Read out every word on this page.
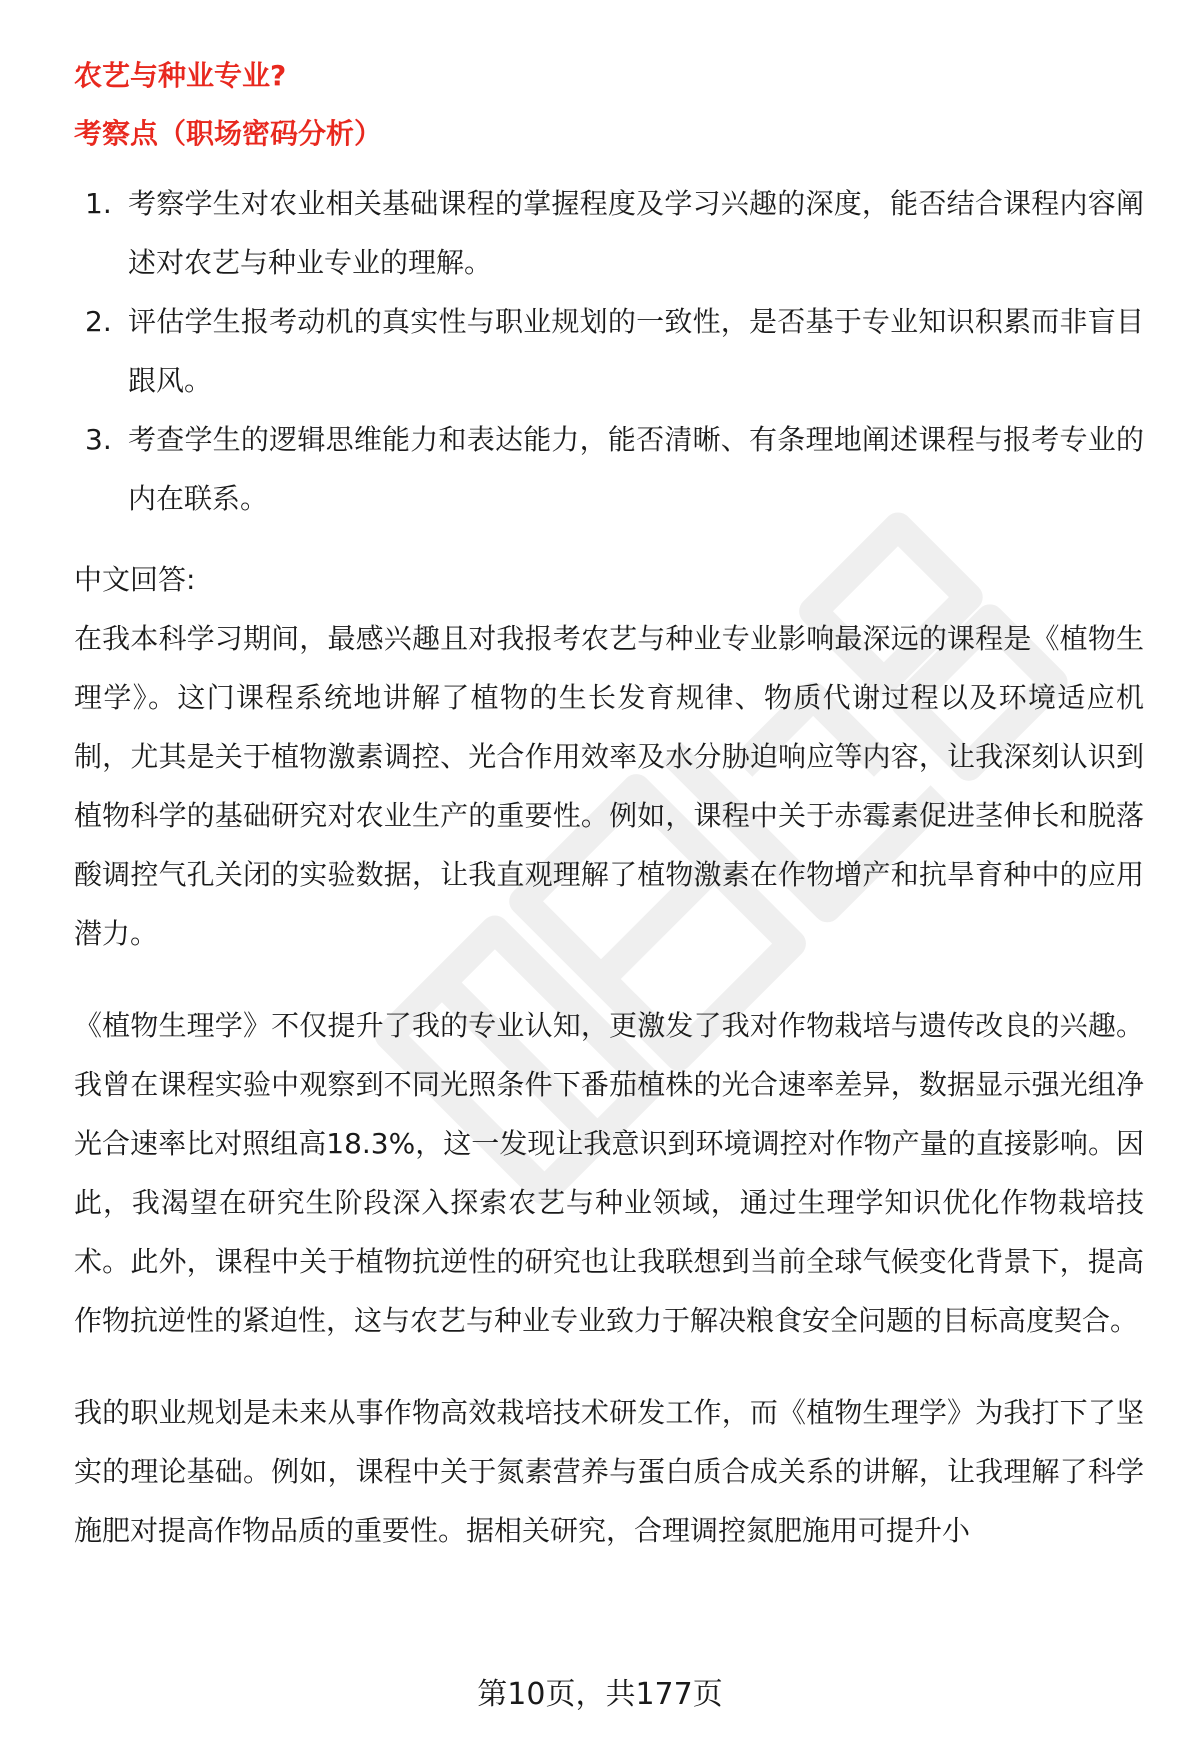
农艺与种业专业?
考察点（职场密码分析）
1. 考察学生对农业相关基础课程的掌握程度及学习兴趣的深度，能否结合课程内容阐述对农艺与种业专业的理解。
2. 评估学生报考动机的真实性与职业规划的一致性，是否基于专业知识积累而非盲目跟风。
3. 考查学生的逻辑思维能力和表达能力，能否清晰、有条理地阐述课程与报考专业的内在联系。
中文回答:

在我本科学习期间，最感兴趣且对我报考农艺与种业专业影响最深远的课程是《植物生理学》。这门课程系统地讲解了植物的生长发育规律、物质代谢过程以及环境适应机制，尤其是关于植物激素调控、光合作用效率及水分胁迫响应等内容，让我深刻认识到植物科学的基础研究对农业生产的重要性。例如，课程中关于赤霉素促进茎伸长和脱落酸调控气孔关闭的实验数据，让我直观理解了植物激素在作物增产和抗旱育种中的应用潜力。

《植物生理学》不仅提升了我的专业认知，更激发了我对作物栽培与遗传改良的兴趣。我曾在课程实验中观察到不同光照条件下番茄植株的光合速率差异，数据显示强光组净光合速率比对照组高18.3%，这一发现让我意识到环境调控对作物产量的直接影响。因此，我渴望在研究生阶段深入探索农艺与种业领域，通过生理学知识优化作物栽培技术。此外，课程中关于植物抗逆性的研究也让我联想到当前全球气候变化背景下，提高作物抗逆性的紧迫性，这与农艺与种业专业致力于解决粮食安全问题的目标高度契合。

我的职业规划是未来从事作物高效栽培技术研发工作，而《植物生理学》为我打下了坚实的理论基础。例如，课程中关于氮素营养与蛋白质合成关系的讲解，让我理解了科学施肥对提高作物品质的重要性。据相关研究，合理调控氮肥施用可提升小

第10页，共177页
